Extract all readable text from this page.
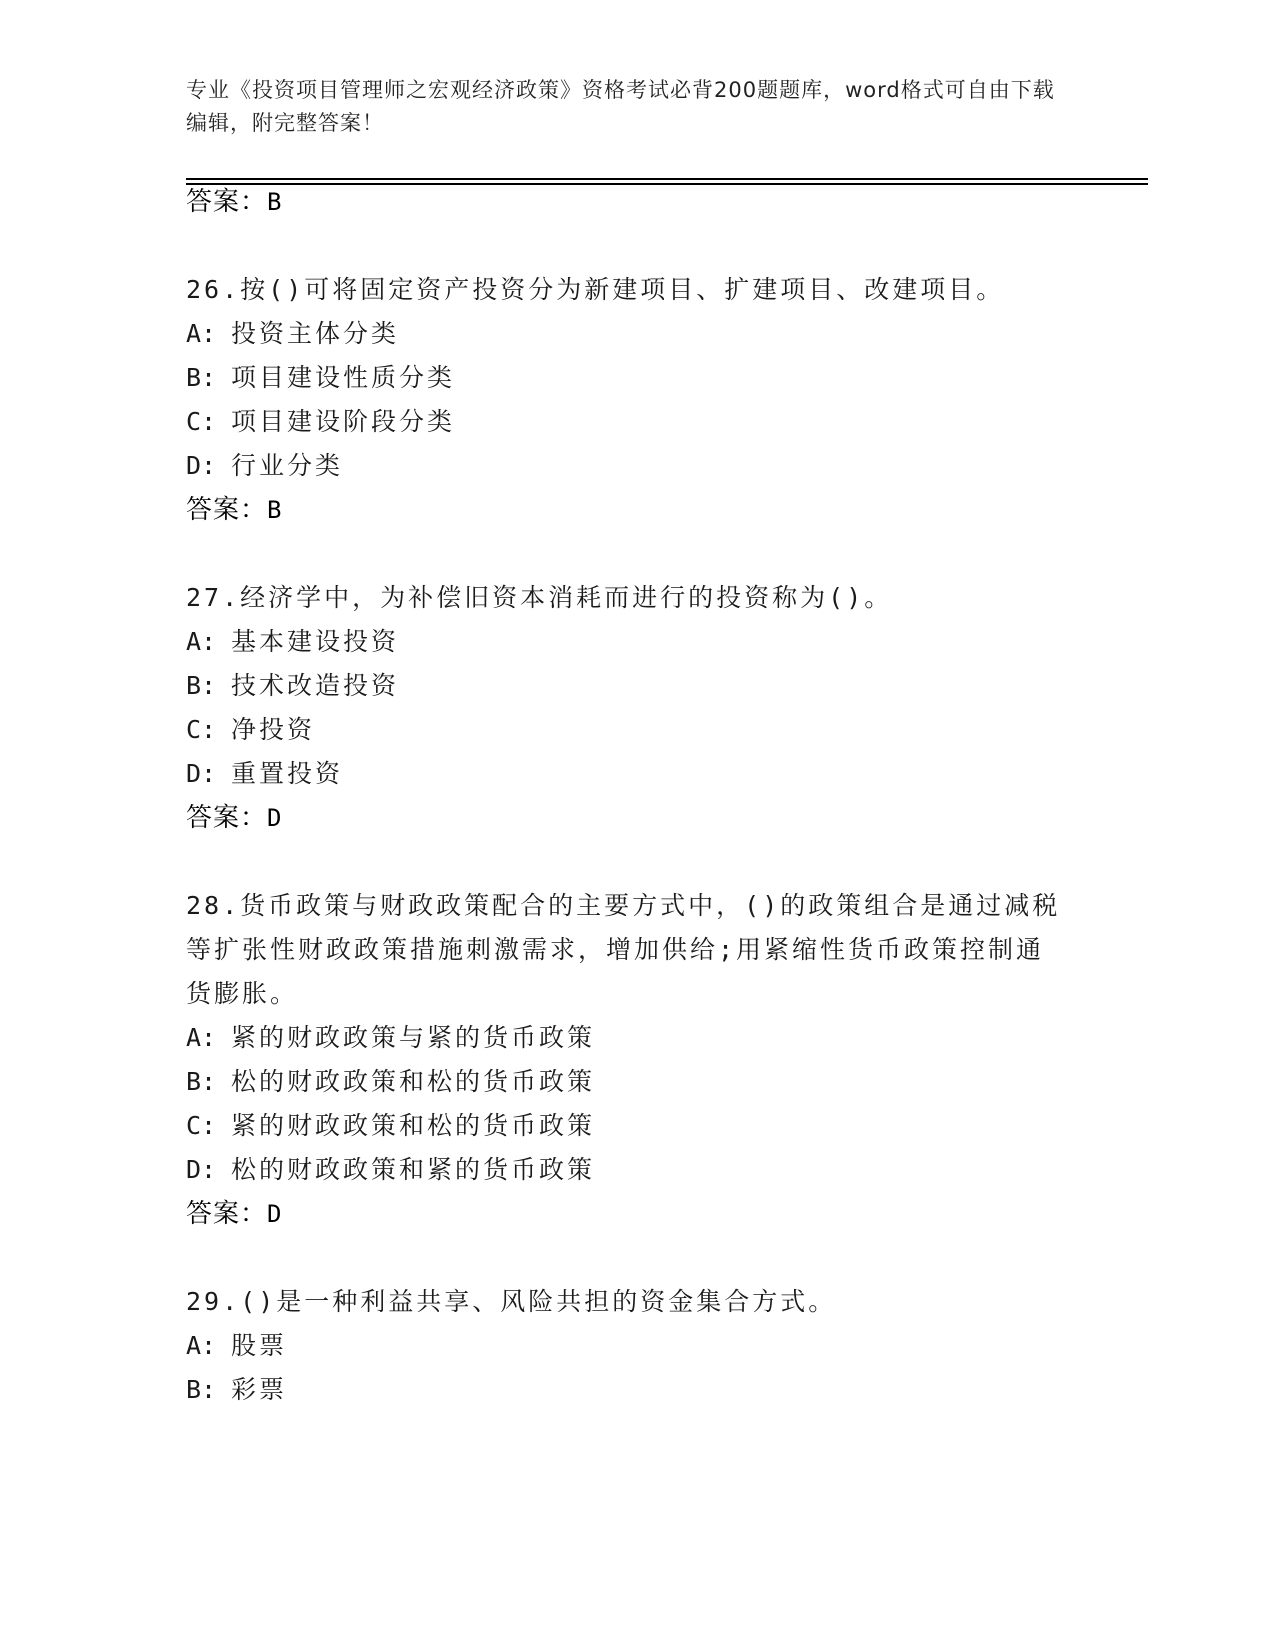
专业《投资项目管理师之宏观经济政策》资格考试必背200题题库，word格式可自由下载编辑，附完整答案！
答案：B
26.按()可将固定资产投资分为新建项目、扩建项目、改建项目。
A: 投资主体分类
B: 项目建设性质分类
C: 项目建设阶段分类
D: 行业分类
答案：B
27.经济学中，为补偿旧资本消耗而进行的投资称为()。
A: 基本建设投资
B: 技术改造投资
C: 净投资
D: 重置投资
答案：D
28.货币政策与财政政策配合的主要方式中，()的政策组合是通过减税
等扩张性财政政策措施刺激需求，增加供给;用紧缩性货币政策控制通
货膨胀。
A: 紧的财政政策与紧的货币政策
B: 松的财政政策和松的货币政策
C: 紧的财政政策和松的货币政策
D: 松的财政政策和紧的货币政策
答案：D
29.()是一种利益共享、风险共担的资金集合方式。
A: 股票
B: 彩票
